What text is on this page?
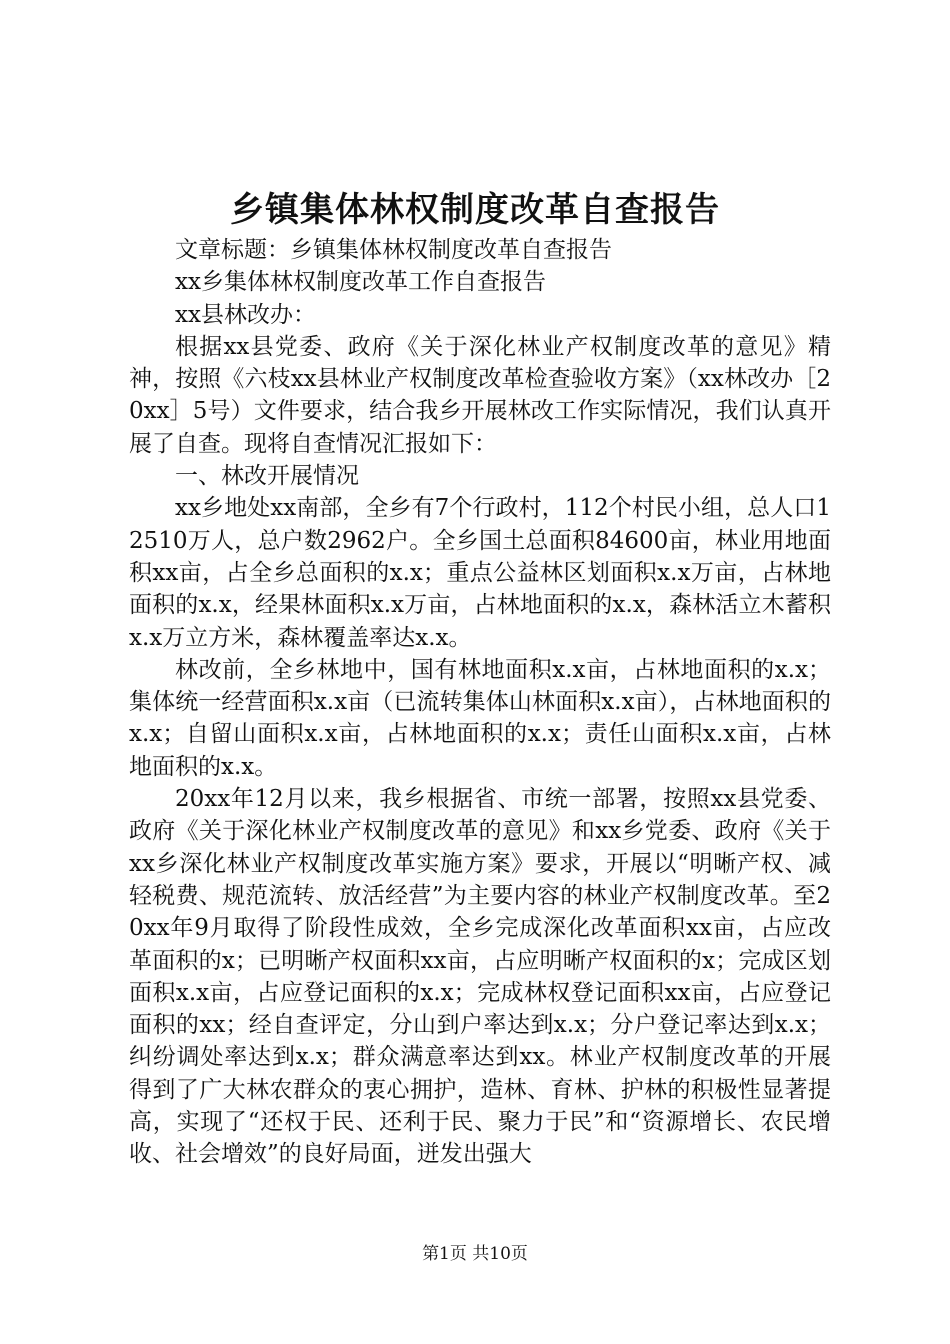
乡镇集体林权制度改革自查报告

文章标题：乡镇集体林权制度改革自查报告

xx乡集体林权制度改革工作自查报告

xx县林改办：

根据xx县党委、政府《关于深化林业产权制度改革的意见》精神，按照《六枝xx县林业产权制度改革检查验收方案》（xx林改办［20xx］5号）文件要求，结合我乡开展林改工作实际情况，我们认真开展了自查。现将自查情况汇报如下：

一、林改开展情况

xx乡地处xx南部，全乡有7个行政村，112个村民小组，总人口12510万人，总户数2962户。全乡国土总面积84600亩，林业用地面积xx亩，占全乡总面积的x.x；重点公益林区划面积x.x万亩，占林地面积的x.x，经果林面积x.x万亩，占林地面积的x.x，森林活立木蓄积x.x万立方米，森林覆盖率达x.x。

林改前，全乡林地中，国有林地面积x.x亩，占林地面积的x.x；集体统一经营面积x.x亩（已流转集体山林面积x.x亩），占林地面积的x.x；自留山面积x.x亩，占林地面积的x.x；责任山面积x.x亩，占林地面积的x.x。

20xx年12月以来，我乡根据省、市统一部署，按照xx县党委、政府《关于深化林业产权制度改革的意见》和xx乡党委、政府《关于xx乡深化林业产权制度改革实施方案》要求，开展以“明晰产权、减轻税费、规范流转、放活经营”为主要内容的林业产权制度改革。至20xx年9月取得了阶段性成效，全乡完成深化改革面积xx亩，占应改革面积的x；已明晰产权面积xx亩，占应明晰产权面积的x；完成区划面积x.x亩，占应登记面积的x.x；完成林权登记面积xx亩，占应登记面积的xx；经自查评定，分山到户率达到x.x；分户登记率达到x.x；纠纷调处率达到x.x；群众满意率达到xx。林业产权制度改革的开展得到了广大林农群众的衷心拥护，造林、育林、护林的积极性显著提高，实现了“还权于民、还利于民、聚力于民”和“资源增长、农民增收、社会增效”的良好局面，迸发出强大

第1页 共10页
